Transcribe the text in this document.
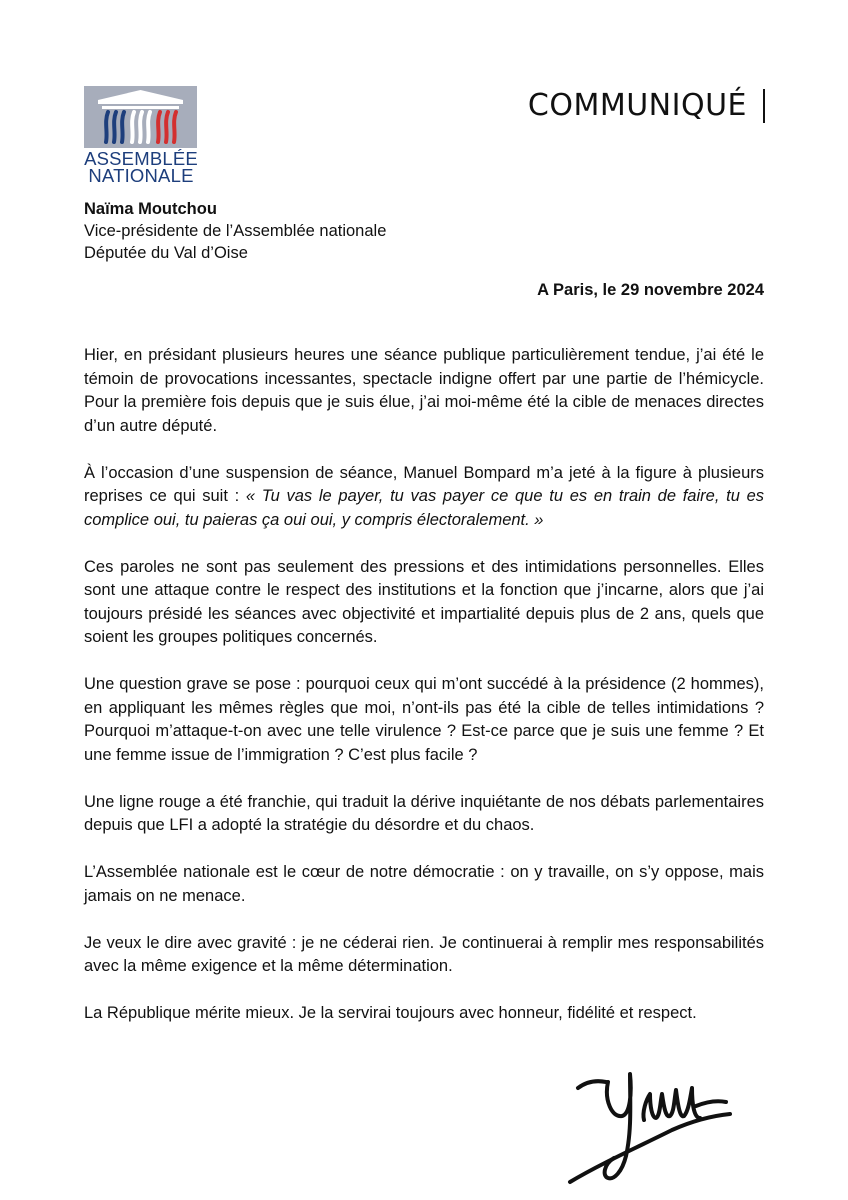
ASSEMBLÉE
NATIONALE
COMMUNIQUÉ
Naïma Moutchou
Vice-présidente de l’Assemblée nationale
Députée du Val d’Oise
A Paris, le 29 novembre 2024

Hier, en présidant plusieurs heures une séance publique particulièrement tendue, j’ai été le témoin de provocations incessantes, spectacle indigne offert par une partie de l’hémicycle. Pour la première fois depuis que je suis élue, j’ai moi-même été la cible de menaces directes d’un autre député.

À l’occasion d’une suspension de séance, Manuel Bompard m’a jeté à la figure à plusieurs reprises ce qui suit : « Tu vas le payer, tu vas payer ce que tu es en train de faire, tu es complice oui, tu paieras ça oui oui, y compris électoralement. »

Ces paroles ne sont pas seulement des pressions et des intimidations personnelles. Elles sont une attaque contre le respect des institutions et la fonction que j’incarne, alors que j’ai toujours présidé les séances avec objectivité et impartialité depuis plus de 2 ans, quels que soient les groupes politiques concernés.

Une question grave se pose : pourquoi ceux qui m’ont succédé à la présidence (2 hommes), en appliquant les mêmes règles que moi, n’ont-ils pas été la cible de telles intimidations ? Pourquoi m’attaque-t-on avec une telle virulence ? Est-ce parce que je suis une femme ? Et une femme issue de l’immigration ? C’est plus facile ?

Une ligne rouge a été franchie, qui traduit la dérive inquiétante de nos débats parlementaires depuis que LFI a adopté la stratégie du désordre et du chaos.

L’Assemblée nationale est le cœur de notre démocratie : on y travaille, on s’y oppose, mais jamais on ne menace.

Je veux le dire avec gravité : je ne céderai rien. Je continuerai à remplir mes responsabilités avec la même exigence et la même détermination.

La République mérite mieux. Je la servirai toujours avec honneur, fidélité et respect.
